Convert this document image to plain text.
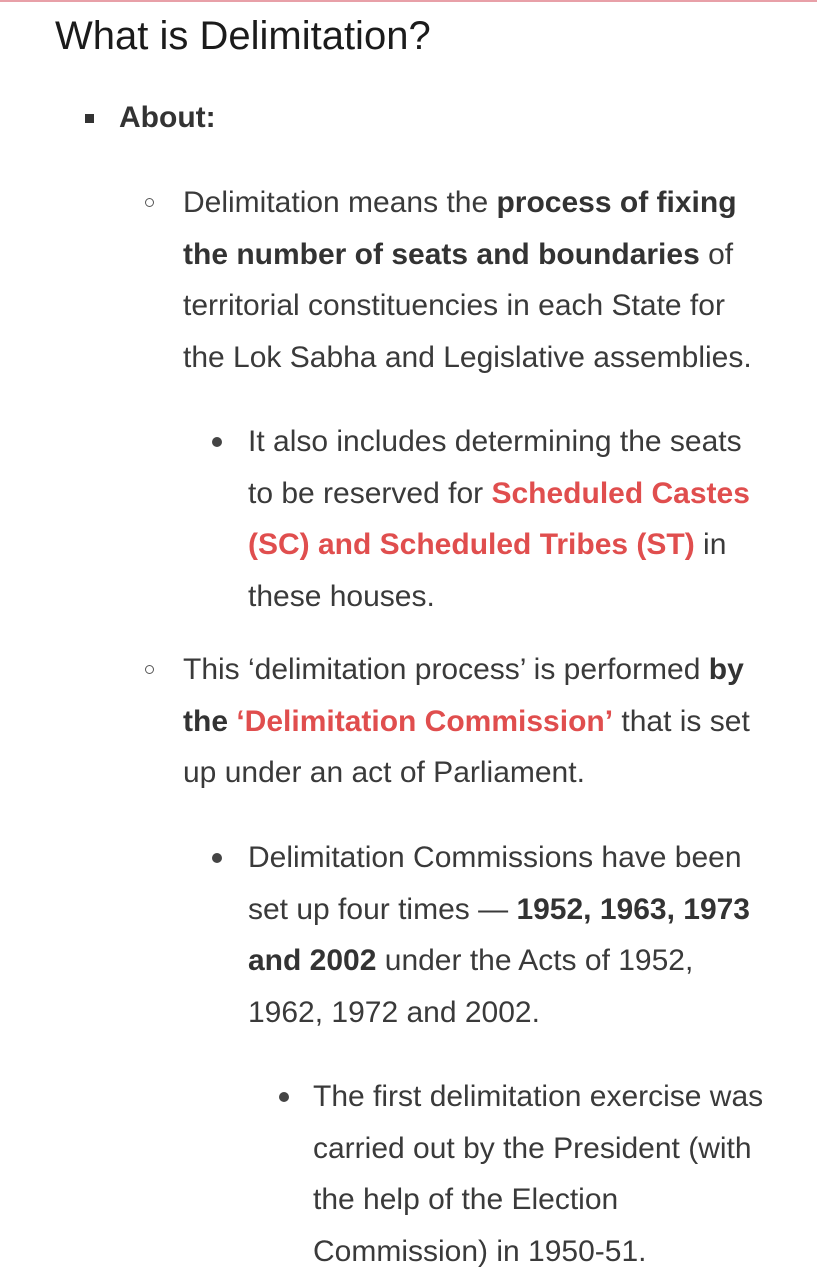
What is Delimitation?
About:
Delimitation means the process of fixing
the number of seats and boundaries of
territorial constituencies in each State for
the Lok Sabha and Legislative assemblies.
It also includes determining the seats
to be reserved for Scheduled Castes
(SC) and Scheduled Tribes (ST) in
these houses.
This ‘delimitation process’ is performed by
the ‘Delimitation Commission’ that is set
up under an act of Parliament.
Delimitation Commissions have been
set up four times — 1952, 1963, 1973
and 2002 under the Acts of 1952,
1962, 1972 and 2002.
The first delimitation exercise was
carried out by the President (with
the help of the Election
Commission) in 1950-51.
